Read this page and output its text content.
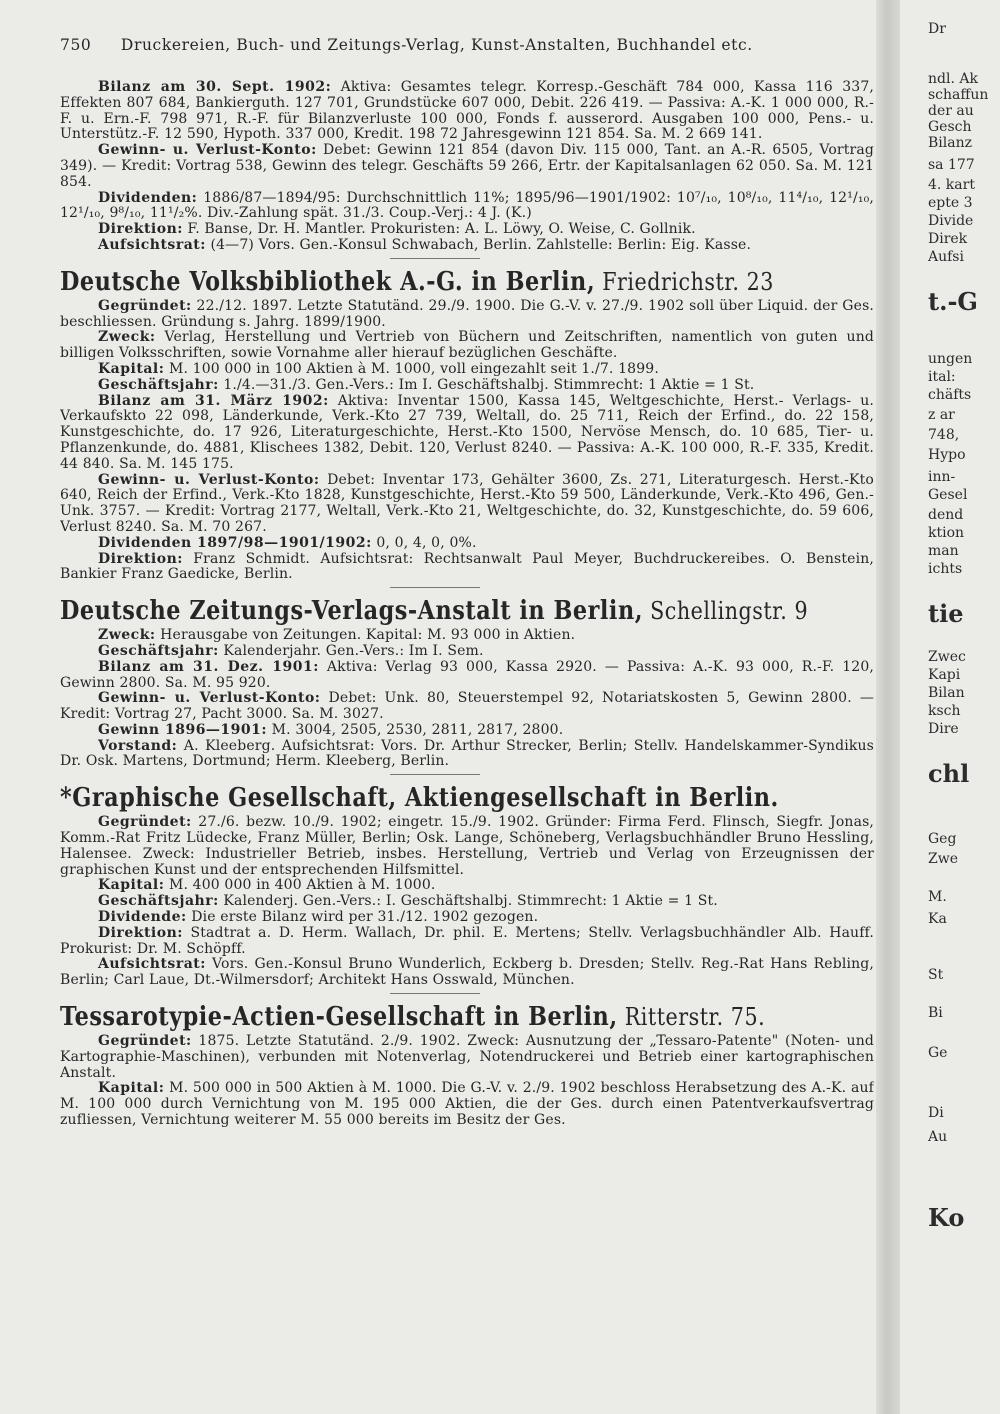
750 Druckereien, Buch- und Zeitungs-Verlag, Kunst-Anstalten, Buchhandel etc.

Bilanz am 30. Sept. 1902: Aktiva: Gesamtes telegr. Korresp.-Geschäft 784 000, Kassa 116 337, Effekten 807 684, Bankierguth. 127 701, Grundstücke 607 000, Debit. 226 419. — Passiva: A.-K. 1 000 000, R.-F. u. Ern.-F. 798 971, R.-F. für Bilanzverluste 100 000, Fonds f. ausserord. Ausgaben 100 000, Pens.- u. Unterstütz.-F. 12 590, Hypoth. 337 000, Kredit. 198 72 Jahresgewinn 121 854. Sa. M. 2 669 141.

Gewinn- u. Verlust-Konto: Debet: Gewinn 121 854 (davon Div. 115 000, Tant. an A.-R. 6505, Vortrag 349). — Kredit: Vortrag 538, Gewinn des telegr. Geschäfts 59 266, Ertr. der Kapitalsanlagen 62 050. Sa. M. 121 854.

Dividenden: 1886/87—1894/95: Durchschnittlich 11%; 1895/96—1901/1902: 10⁷/₁₀, 10⁸/₁₀, 11⁴/₁₀, 12¹/₁₀, 12¹/₁₀, 9⁸/₁₀, 11¹/₂%. Div.-Zahlung spät. 31./3. Coup.-Verj.: 4 J. (K.)

Direktion: F. Banse, Dr. H. Mantler. Prokuristen: A. L. Löwy, O. Weise, C. Gollnik.

Aufsichtsrat: (4—7) Vors. Gen.-Konsul Schwabach, Berlin. Zahlstelle: Berlin: Eig. Kasse.

Deutsche Volksbibliothek A.-G. in Berlin, Friedrichstr. 23

Gegründet: 22./12. 1897. Letzte Statutänd. 29./9. 1900. Die G.-V. v. 27./9. 1902 soll über Liquid. der Ges. beschliessen. Gründung s. Jahrg. 1899/1900.

Zweck: Verlag, Herstellung und Vertrieb von Büchern und Zeitschriften, namentlich von guten und billigen Volksschriften, sowie Vornahme aller hierauf bezüglichen Geschäfte.

Kapital: M. 100 000 in 100 Aktien à M. 1000, voll eingezahlt seit 1./7. 1899.

Geschäftsjahr: 1./4.—31./3. Gen.-Vers.: Im I. Geschäftshalbj. Stimmrecht: 1 Aktie = 1 St.

Bilanz am 31. März 1902: Aktiva: Inventar 1500, Kassa 145, Weltgeschichte, Herst.- Verlags- u. Verkaufskto 22 098, Länderkunde, Verk.-Kto 27 739, Weltall, do. 25 711, Reich der Erfind., do. 22 158, Kunstgeschichte, do. 17 926, Literaturgeschichte, Herst.-Kto 1500, Nervöse Mensch, do. 10 685, Tier- u. Pflanzenkunde, do. 4881, Klischees 1382, Debit. 120, Verlust 8240. — Passiva: A.-K. 100 000, R.-F. 335, Kredit. 44 840. Sa. M. 145 175.

Gewinn- u. Verlust-Konto: Debet: Inventar 173, Gehälter 3600, Zs. 271, Literaturgesch. Herst.-Kto 640, Reich der Erfind., Verk.-Kto 1828, Kunstgeschichte, Herst.-Kto 59 500, Länderkunde, Verk.-Kto 496, Gen.-Unk. 3757. — Kredit: Vortrag 2177, Weltall, Verk.-Kto 21, Weltgeschichte, do. 32, Kunstgeschichte, do. 59 606, Verlust 8240. Sa. M. 70 267.

Dividenden 1897/98—1901/1902: 0, 0, 4, 0, 0%.

Direktion: Franz Schmidt. Aufsichtsrat: Rechtsanwalt Paul Meyer, Buchdruckereibes. O. Benstein, Bankier Franz Gaedicke, Berlin.

Deutsche Zeitungs-Verlags-Anstalt in Berlin, Schellingstr. 9

Zweck: Herausgabe von Zeitungen. Kapital: M. 93 000 in Aktien.

Geschäftsjahr: Kalenderjahr. Gen.-Vers.: Im I. Sem.

Bilanz am 31. Dez. 1901: Aktiva: Verlag 93 000, Kassa 2920. — Passiva: A.-K. 93 000, R.-F. 120, Gewinn 2800. Sa. M. 95 920.

Gewinn- u. Verlust-Konto: Debet: Unk. 80, Steuerstempel 92, Notariatskosten 5, Gewinn 2800. — Kredit: Vortrag 27, Pacht 3000. Sa. M. 3027.

Gewinn 1896—1901: M. 3004, 2505, 2530, 2811, 2817, 2800.

Vorstand: A. Kleeberg. Aufsichtsrat: Vors. Dr. Arthur Strecker, Berlin; Stellv. Handelskammer-Syndikus Dr. Osk. Martens, Dortmund; Herm. Kleeberg, Berlin.

*Graphische Gesellschaft, Aktiengesellschaft in Berlin.

Gegründet: 27./6. bezw. 10./9. 1902; eingetr. 15./9. 1902. Gründer: Firma Ferd. Flinsch, Siegfr. Jonas, Komm.-Rat Fritz Lüdecke, Franz Müller, Berlin; Osk. Lange, Schöneberg, Verlagsbuchhändler Bruno Hessling, Halensee. Zweck: Industrieller Betrieb, insbes. Herstellung, Vertrieb und Verlag von Erzeugnissen der graphischen Kunst und der entsprechenden Hilfsmittel.

Kapital: M. 400 000 in 400 Aktien à M. 1000.

Geschäftsjahr: Kalenderj. Gen.-Vers.: I. Geschäftshalbj. Stimmrecht: 1 Aktie = 1 St.

Dividende: Die erste Bilanz wird per 31./12. 1902 gezogen.

Direktion: Stadtrat a. D. Herm. Wallach, Dr. phil. E. Mertens; Stellv. Verlagsbuchhändler Alb. Hauff. Prokurist: Dr. M. Schöpff.

Aufsichtsrat: Vors. Gen.-Konsul Bruno Wunderlich, Eckberg b. Dresden; Stellv. Reg.-Rat Hans Rebling, Berlin; Carl Laue, Dt.-Wilmersdorf; Architekt Hans Osswald, München.

Tessarotypie-Actien-Gesellschaft in Berlin, Ritterstr. 75.

Gegründet: 1875. Letzte Statutänd. 2./9. 1902. Zweck: Ausnutzung der „Tessaro-Patente" (Noten- und Kartographie-Maschinen), verbunden mit Notenverlag, Notendruckerei und Betrieb einer kartographischen Anstalt.

Kapital: M. 500 000 in 500 Aktien à M. 1000. Die G.-V. v. 2./9. 1902 beschloss Herabsetzung des A.-K. auf M. 100 000 durch Vernichtung von M. 195 000 Aktien, die der Ges. durch einen Patentverkaufsvertrag zufliessen, Vernichtung weiterer M. 55 000 bereits im Besitz der Ges.

Dr
ndl. Ak
schaffun
der au
Gesch
Bilanz
sa 177
4. kart
epte 3
Divide
Direk
Aufsi
t.-G
ungen
ital:
chäfts
z ar
748,
Hypo
inn-
Gesel
dend
ktion
man
ichts
tie
Zwec
Kapi
Bilan
ksch
Dire
chl
Geg
Zwe
M.
Ka
St
Bi
Ge
Di
Au
Ko
